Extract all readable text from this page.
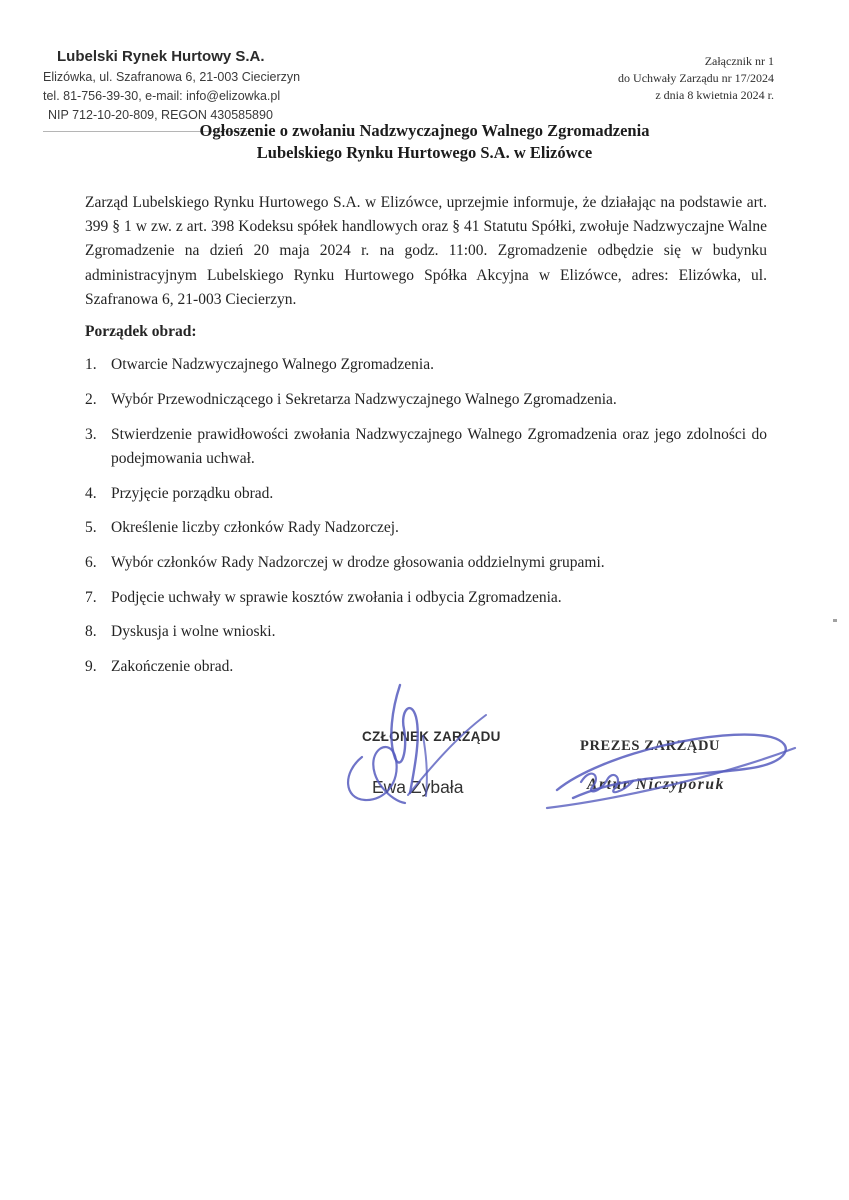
Lubelski Rynek Hurtowy S.A.
Elizówka, ul. Szafranowa 6, 21-003 Ciecierzyn
tel. 81-756-39-30, e-mail: info@elizowka.pl
NIP 712-10-20-809, REGON 430585890
Załącznik nr 1
do Uchwały Zarządu nr 17/2024
z dnia 8 kwietnia 2024 r.
Ogłoszenie o zwołaniu Nadzwyczajnego Walnego Zgromadzenia
Lubelskiego Rynku Hurtowego S.A. w Elizówce
Zarząd Lubelskiego Rynku Hurtowego S.A. w Elizówce, uprzejmie informuje, że działając na podstawie art. 399 § 1 w zw. z art. 398 Kodeksu spółek handlowych oraz § 41 Statutu Spółki, zwołuje Nadzwyczajne Walne Zgromadzenie na dzień 20 maja 2024 r. na godz. 11:00. Zgromadzenie odbędzie się w budynku administracyjnym Lubelskiego Rynku Hurtowego Spółka Akcyjna w Elizówce, adres: Elizówka, ul. Szafranowa 6, 21-003 Ciecierzyn.
Porządek obrad:
1. Otwarcie Nadzwyczajnego Walnego Zgromadzenia.
2. Wybór Przewodniczącego i Sekretarza Nadzwyczajnego Walnego Zgromadzenia.
3. Stwierdzenie prawidłowości zwołania Nadzwyczajnego Walnego Zgromadzenia oraz jego zdolności do podejmowania uchwał.
4. Przyjęcie porządku obrad.
5. Określenie liczby członków Rady Nadzorczej.
6. Wybór członków Rady Nadzorczej w drodze głosowania oddzielnymi grupami.
7. Podjęcie uchwały w sprawie kosztów zwołania i odbycia Zgromadzenia.
8. Dyskusja i wolne wnioski.
9. Zakończenie obrad.
CZŁONEK ZARZĄDU
Ewa Zybała
PREZES ZARZĄDU
Artur Niczyporuk
